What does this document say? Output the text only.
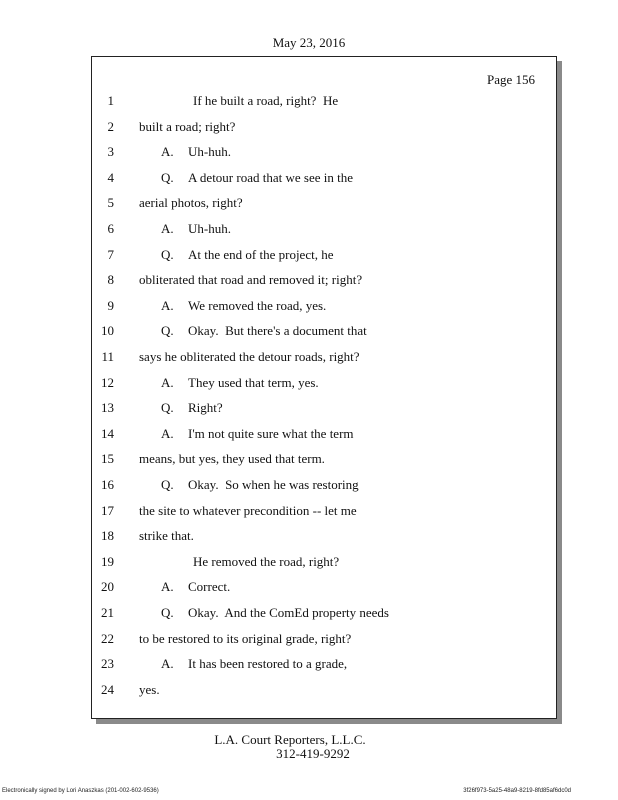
May 23, 2016
Page 156
1	If he built a road, right?  He
2 built a road; right?
3	A. Uh-huh.
4	Q. A detour road that we see in the
5 aerial photos, right?
6	A. Uh-huh.
7	Q. At the end of the project, he
8 obliterated that road and removed it; right?
9	A. We removed the road, yes.
10	Q. Okay.  But there's a document that
11 says he obliterated the detour roads, right?
12	A. They used that term, yes.
13	Q. Right?
14	A. I'm not quite sure what the term
15 means, but yes, they used that term.
16	Q. Okay.  So when he was restoring
17 the site to whatever precondition -- let me
18 strike that.
19	He removed the road, right?
20	A. Correct.
21	Q. Okay.  And the ComEd property needs
22 to be restored to its original grade, right?
23	A. It has been restored to a grade,
24 yes.
L.A. Court Reporters, L.L.C.
312-419-9292
Electronically signed by Lori Anaszkas (201-002-602-9536)	3f26f973-5a25-48a9-8219-8fd85af6dc0d
